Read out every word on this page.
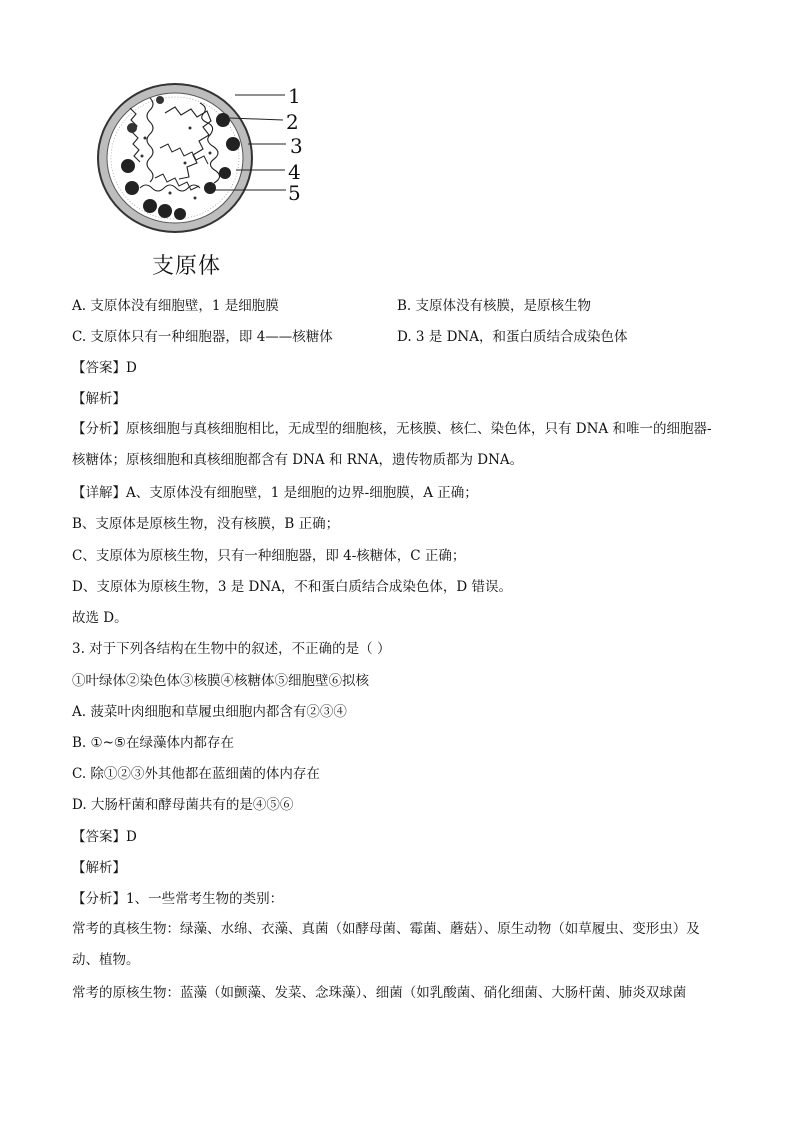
1
2
3
4
5
支原体
A. 支原体没有细胞壁，1 是细胞膜	B. 支原体没有核膜，是原核生物
C. 支原体只有一种细胞器，即 4——核糖体	D. 3 是 DNA，和蛋白质结合成染色体
【答案】D
【解析】
【分析】原核细胞与真核细胞相比，无成型的细胞核，无核膜、核仁、染色体，只有 DNA 和唯一的细胞器-核糖体；原核细胞和真核细胞都含有 DNA 和 RNA，遗传物质都为 DNA。
【详解】A、支原体没有细胞壁，1 是细胞的边界-细胞膜，A 正确；
B、支原体是原核生物，没有核膜，B 正确；
C、支原体为原核生物，只有一种细胞器，即 4-核糖体，C 正确；
D、支原体为原核生物，3 是 DNA，不和蛋白质结合成染色体，D 错误。
故选 D。
3. 对于下列各结构在生物中的叙述，不正确的是（ ）
①叶绿体②染色体③核膜④核糖体⑤细胞壁⑥拟核
A. 菠菜叶肉细胞和草履虫细胞内都含有②③④
B. ①~⑤在绿藻体内都存在
C. 除①②③外其他都在蓝细菌的体内存在
D. 大肠杆菌和酵母菌共有的是④⑤⑥
【答案】D
【解析】
【分析】1、一些常考生物的类别：
常考的真核生物：绿藻、水绵、衣藻、真菌（如酵母菌、霉菌、蘑菇）、原生动物（如草履虫、变形虫）及动、植物。
常考的原核生物：蓝藻（如颤藻、发菜、念珠藻）、细菌（如乳酸菌、硝化细菌、大肠杆菌、肺炎双球菌
